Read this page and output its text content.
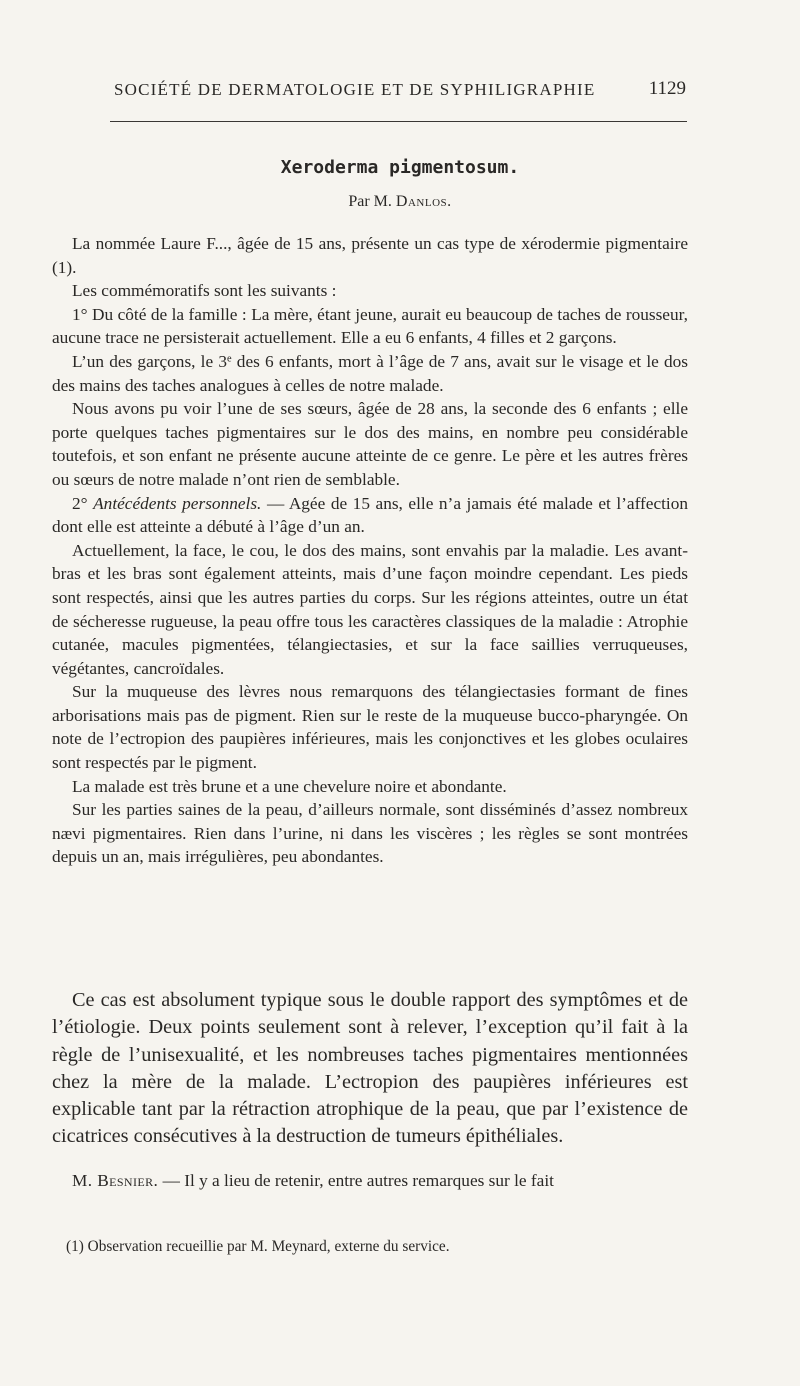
SOCIÉTÉ DE DERMATOLOGIE ET DE SYPHILIGRAPHIE	1129
Xeroderma pigmentosum.
Par M. Danlos.

La nommée Laure F..., âgée de 15 ans, présente un cas type de xérodermie pigmentaire (1).

Les commémoratifs sont les suivants :

1° Du côté de la famille : La mère, étant jeune, aurait eu beaucoup de taches de rousseur, aucune trace ne persisterait actuellement. Elle a eu 6 enfants, 4 filles et 2 garçons.

L’un des garçons, le 3e des 6 enfants, mort à l’âge de 7 ans, avait sur le visage et le dos des mains des taches analogues à celles de notre malade.

Nous avons pu voir l’une de ses sœurs, âgée de 28 ans, la seconde des 6 enfants ; elle porte quelques taches pigmentaires sur le dos des mains, en nombre peu considérable toutefois, et son enfant ne présente aucune atteinte de ce genre. Le père et les autres frères ou sœurs de notre malade n’ont rien de semblable.

2° Antécédents personnels. — Agée de 15 ans, elle n’a jamais été malade et l’affection dont elle est atteinte a débuté à l’âge d’un an.

Actuellement, la face, le cou, le dos des mains, sont envahis par la maladie. Les avant-bras et les bras sont également atteints, mais d’une façon moindre cependant. Les pieds sont respectés, ainsi que les autres parties du corps. Sur les régions atteintes, outre un état de sécheresse rugueuse, la peau offre tous les caractères classiques de la maladie : Atrophie cutanée, macules pigmentées, télangiectasies, et sur la face saillies verruqueuses, végétantes, cancroïdales.

Sur la muqueuse des lèvres nous remarquons des télangiectasies formant de fines arborisations mais pas de pigment. Rien sur le reste de la muqueuse bucco-pharyngée. On note de l’ectropion des paupières inférieures, mais les conjonctives et les globes oculaires sont respectés par le pigment.

La malade est très brune et a une chevelure noire et abondante.

Sur les parties saines de la peau, d’ailleurs normale, sont disséminés d’assez nombreux nævi pigmentaires. Rien dans l’urine, ni dans les viscères ; les règles se sont montrées depuis un an, mais irrégulières, peu abondantes.

Ce cas est absolument typique sous le double rapport des symptômes et de l’étiologie. Deux points seulement sont à relever, l’exception qu’il fait à la règle de l’unisexualité, et les nombreuses taches pigmentaires mentionnées chez la mère de la malade. L’ectropion des paupières inférieures est explicable tant par la rétraction atrophique de la peau, que par l’existence de cicatrices consécutives à la destruction de tumeurs épithéliales.

M. Besnier. — Il y a lieu de retenir, entre autres remarques sur le fait

(1) Observation recueillie par M. Meynard, externe du service.
